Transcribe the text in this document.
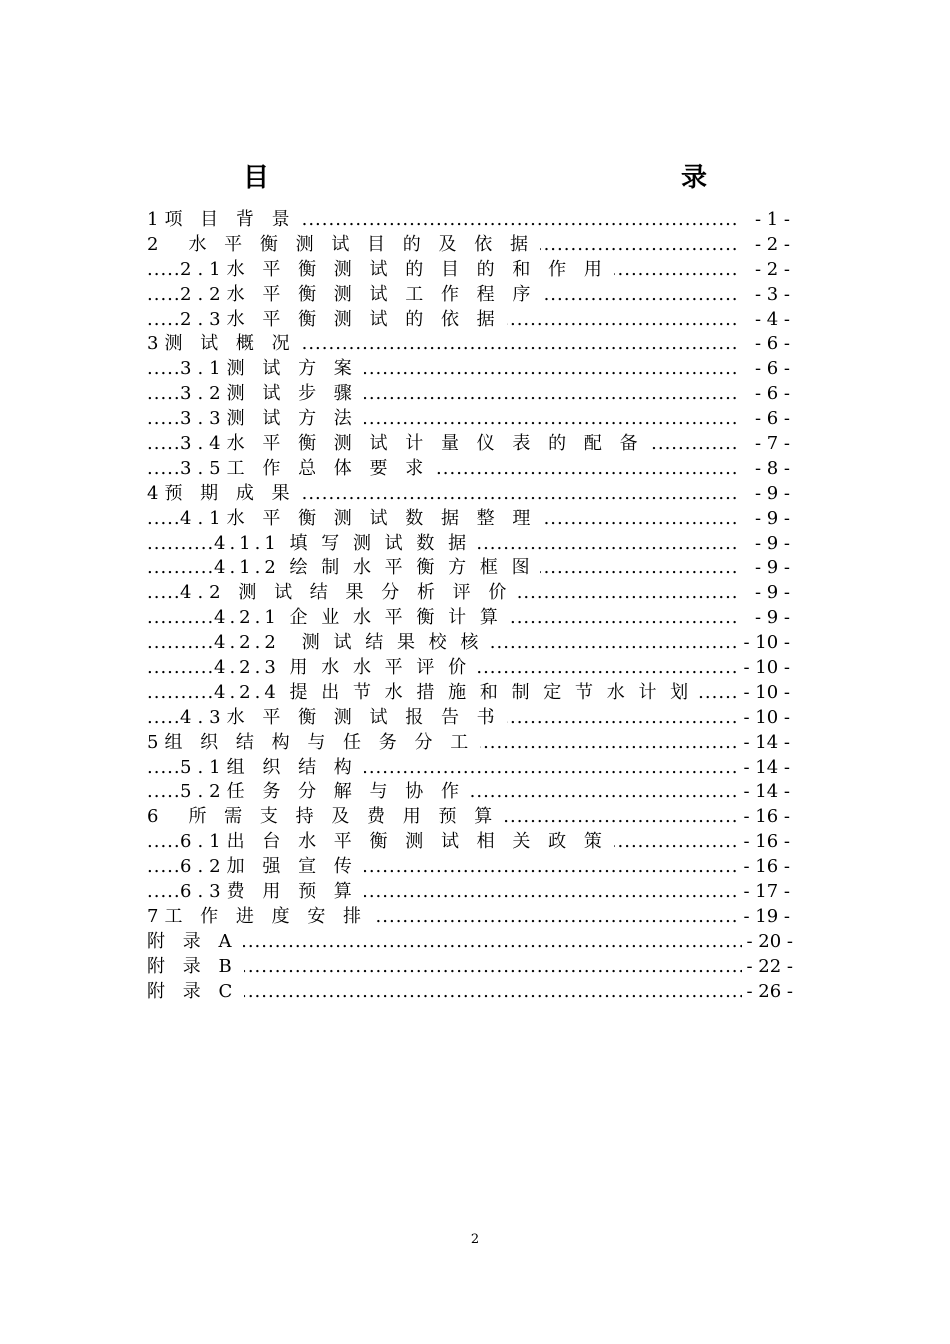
目　　录
.....
1项 目 背 景	- 1 -
.....
2　水 平 衡 测 试 目 的 及 依 据	- 2 -
.....
2.1水 平 衡 测 试 的 目 的 和 作 用	- 2 -
.....
2.2水 平 衡 测 试 工 作 程 序	- 3 -
.....
2.3水 平 衡 测 试 的 依 据	- 4 -
.....
3测 试 概 况	- 6 -
.....
3.1测 试 方 案	- 6 -
.....
3.2测 试 步 骤	- 6 -
.....
3.3测 试 方 法	- 6 -
.....
3.4水 平 衡 测 试 计 量 仪 表 的 配 备	- 7 -
.....
3.5工 作 总 体 要 求	- 8 -
.....
4预 期 成 果	- 9 -
.....
4.1水 平 衡 测 试 数 据 整 理	- 9 -
.....
4.1.1 填 写 测 试 数 据	- 9 -
.....
4.1.2 绘 制 水 平 衡 方 框 图	- 9 -
.....
4.2 测 试 结 果 分 析 评 价	- 9 -
.....
4.2.1 企 业 水 平 衡 计 算	- 9 -
.....
4.2.2　测 试 结 果 校 核	- 10 -
.....
4.2.3 用 水 水 平 评 价	- 10 -
.....
4.2.4 提 出 节 水 措 施 和 制 定 节 水 计 划	- 10 -
.....
4.3水 平 衡 测 试 报 告 书	- 10 -
.....
5组 织 结 构 与 任 务 分 工	- 14 -
.....
5.1组 织 结 构	- 14 -
.....
5.2任 务 分 解 与 协 作	- 14 -
.....
6　所 需 支 持 及 费 用 预 算	- 16 -
.....
6.1出 台 水 平 衡 测 试 相 关 政 策	- 16 -
.....
6.2加 强 宣 传	- 16 -
.....
6.3费 用 预 算	- 17 -
.....
7工 作 进 度 安 排	- 19 -
.....
附 录 A	- 20 -
.....
附 录 B	- 22 -
.....
附 录 C	- 26 -
2
